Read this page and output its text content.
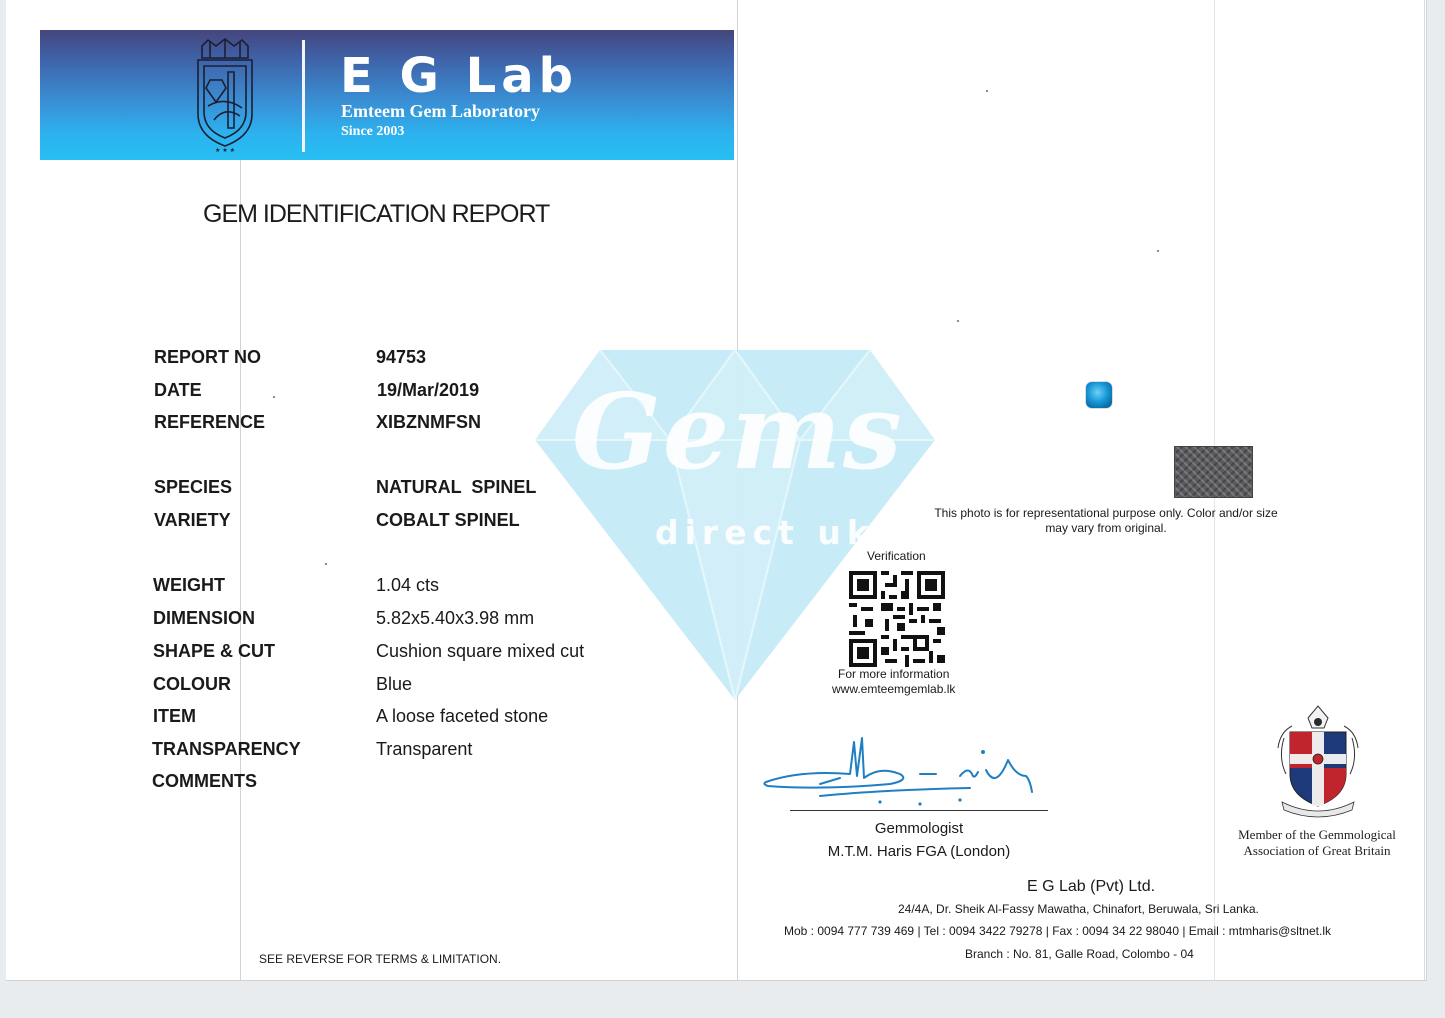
★ ★ ★
E G Lab
Emteem Gem Laboratory
Since 2003
GEM IDENTIFICATION REPORT
Gems
direct uk
REPORT NO	94753
DATE	19/Mar/2019
REFERENCE	XIBZNMFSN
SPECIES	NATURAL  SPINEL
VARIETY	COBALT SPINEL
WEIGHT	1.04 cts
DIMENSION	5.82x5.40x3.98 mm
SHAPE & CUT	Cushion square mixed cut
COLOUR	Blue
ITEM	A loose faceted stone
TRANSPARENCY	Transparent
COMMENTS
This photo is for representational purpose only. Color and/or size may vary from original.
Verification
For more information
www.emteemgemlab.lk
Gemmologist
M.T.M. Haris FGA (London)
Member of the Gemmological
Association of Great Britain
E G Lab (Pvt) Ltd.
24/4A, Dr. Sheik Al-Fassy Mawatha, Chinafort, Beruwala, Sri Lanka.
Mob : 0094 777 739 469 | Tel : 0094 3422 79278 | Fax : 0094 34 22 98040 | Email : mtmharis@sltnet.lk
Branch : No. 81, Galle Road, Colombo - 04
SEE REVERSE FOR TERMS & LIMITATION.
